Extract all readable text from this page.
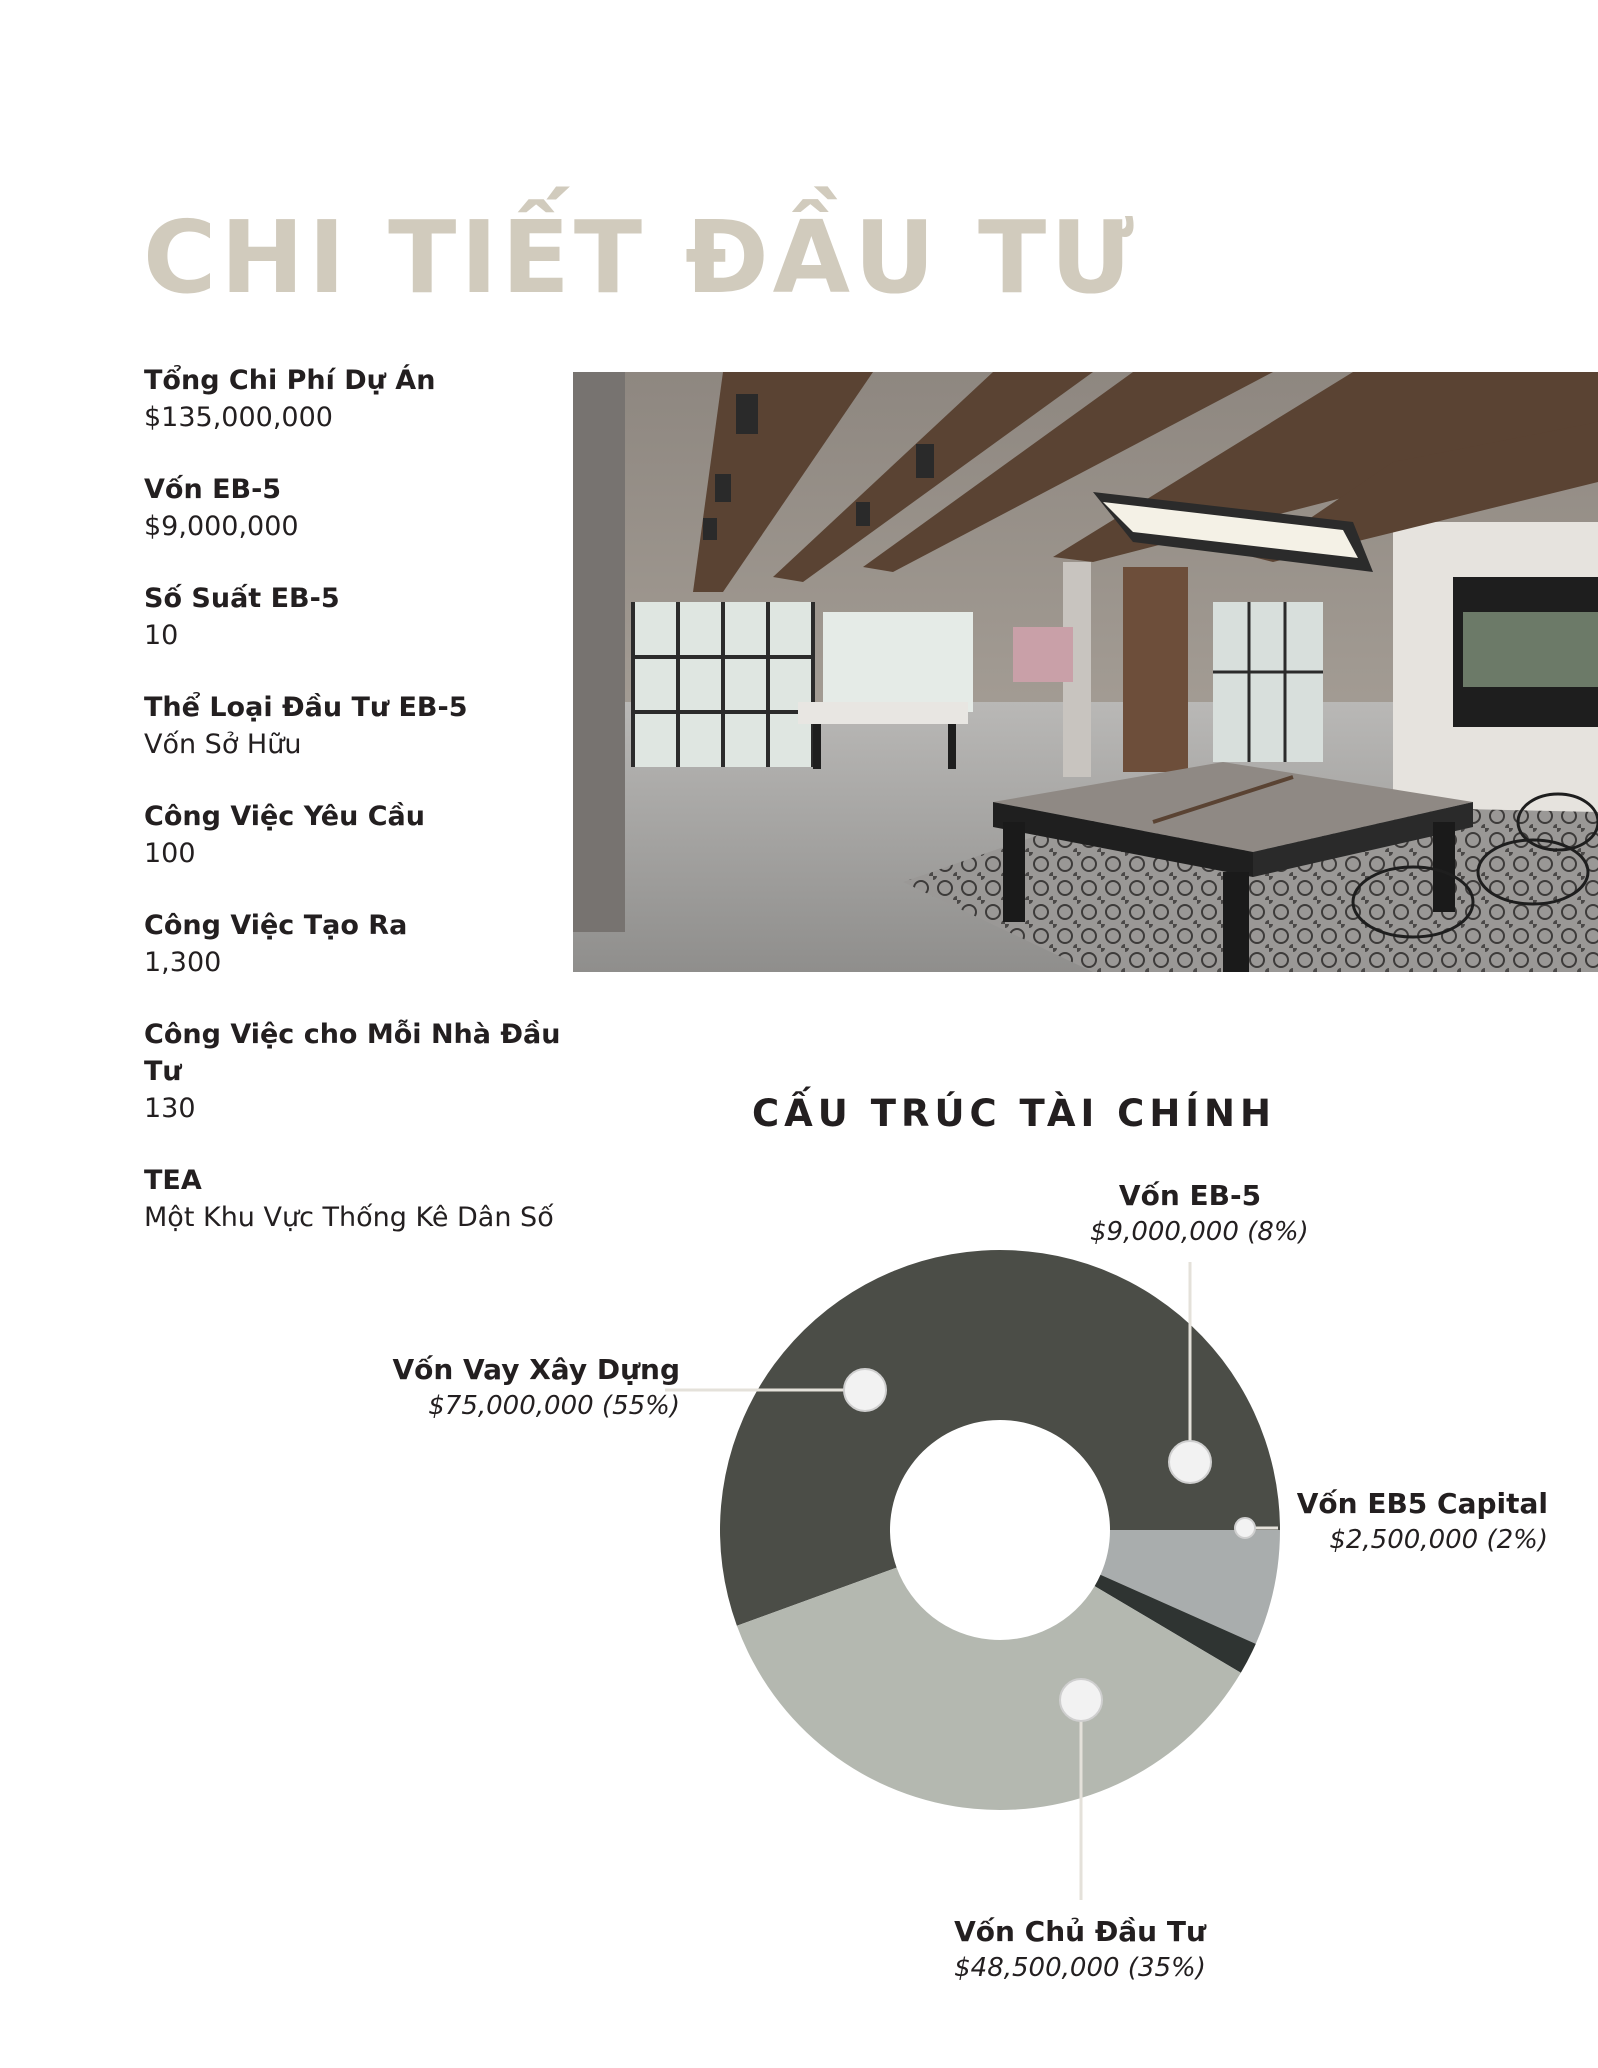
CHI TIẾT ĐẦU TƯ
Tổng Chi Phí Dự Án
$135,000,000
Vốn EB-5
$9,000,000
Số Suất EB-5
10
Thể Loại Đầu Tư EB-5
Vốn Sở Hữu
Công Việc Yêu Cầu
100
Công Việc Tạo Ra
1,300
Công Việc cho Mỗi Nhà Đầu Tư
130
TEA
Một Khu Vực Thống Kê Dân Số
CẤU TRÚC TÀI CHÍNH
Vốn EB-5
$9,000,000 (8%)
Vốn Vay Xây Dựng
$75,000,000 (55%)
Vốn EB5 Capital
$2,500,000 (2%)
Vốn Chủ Đầu Tư
$48,500,000 (35%)
